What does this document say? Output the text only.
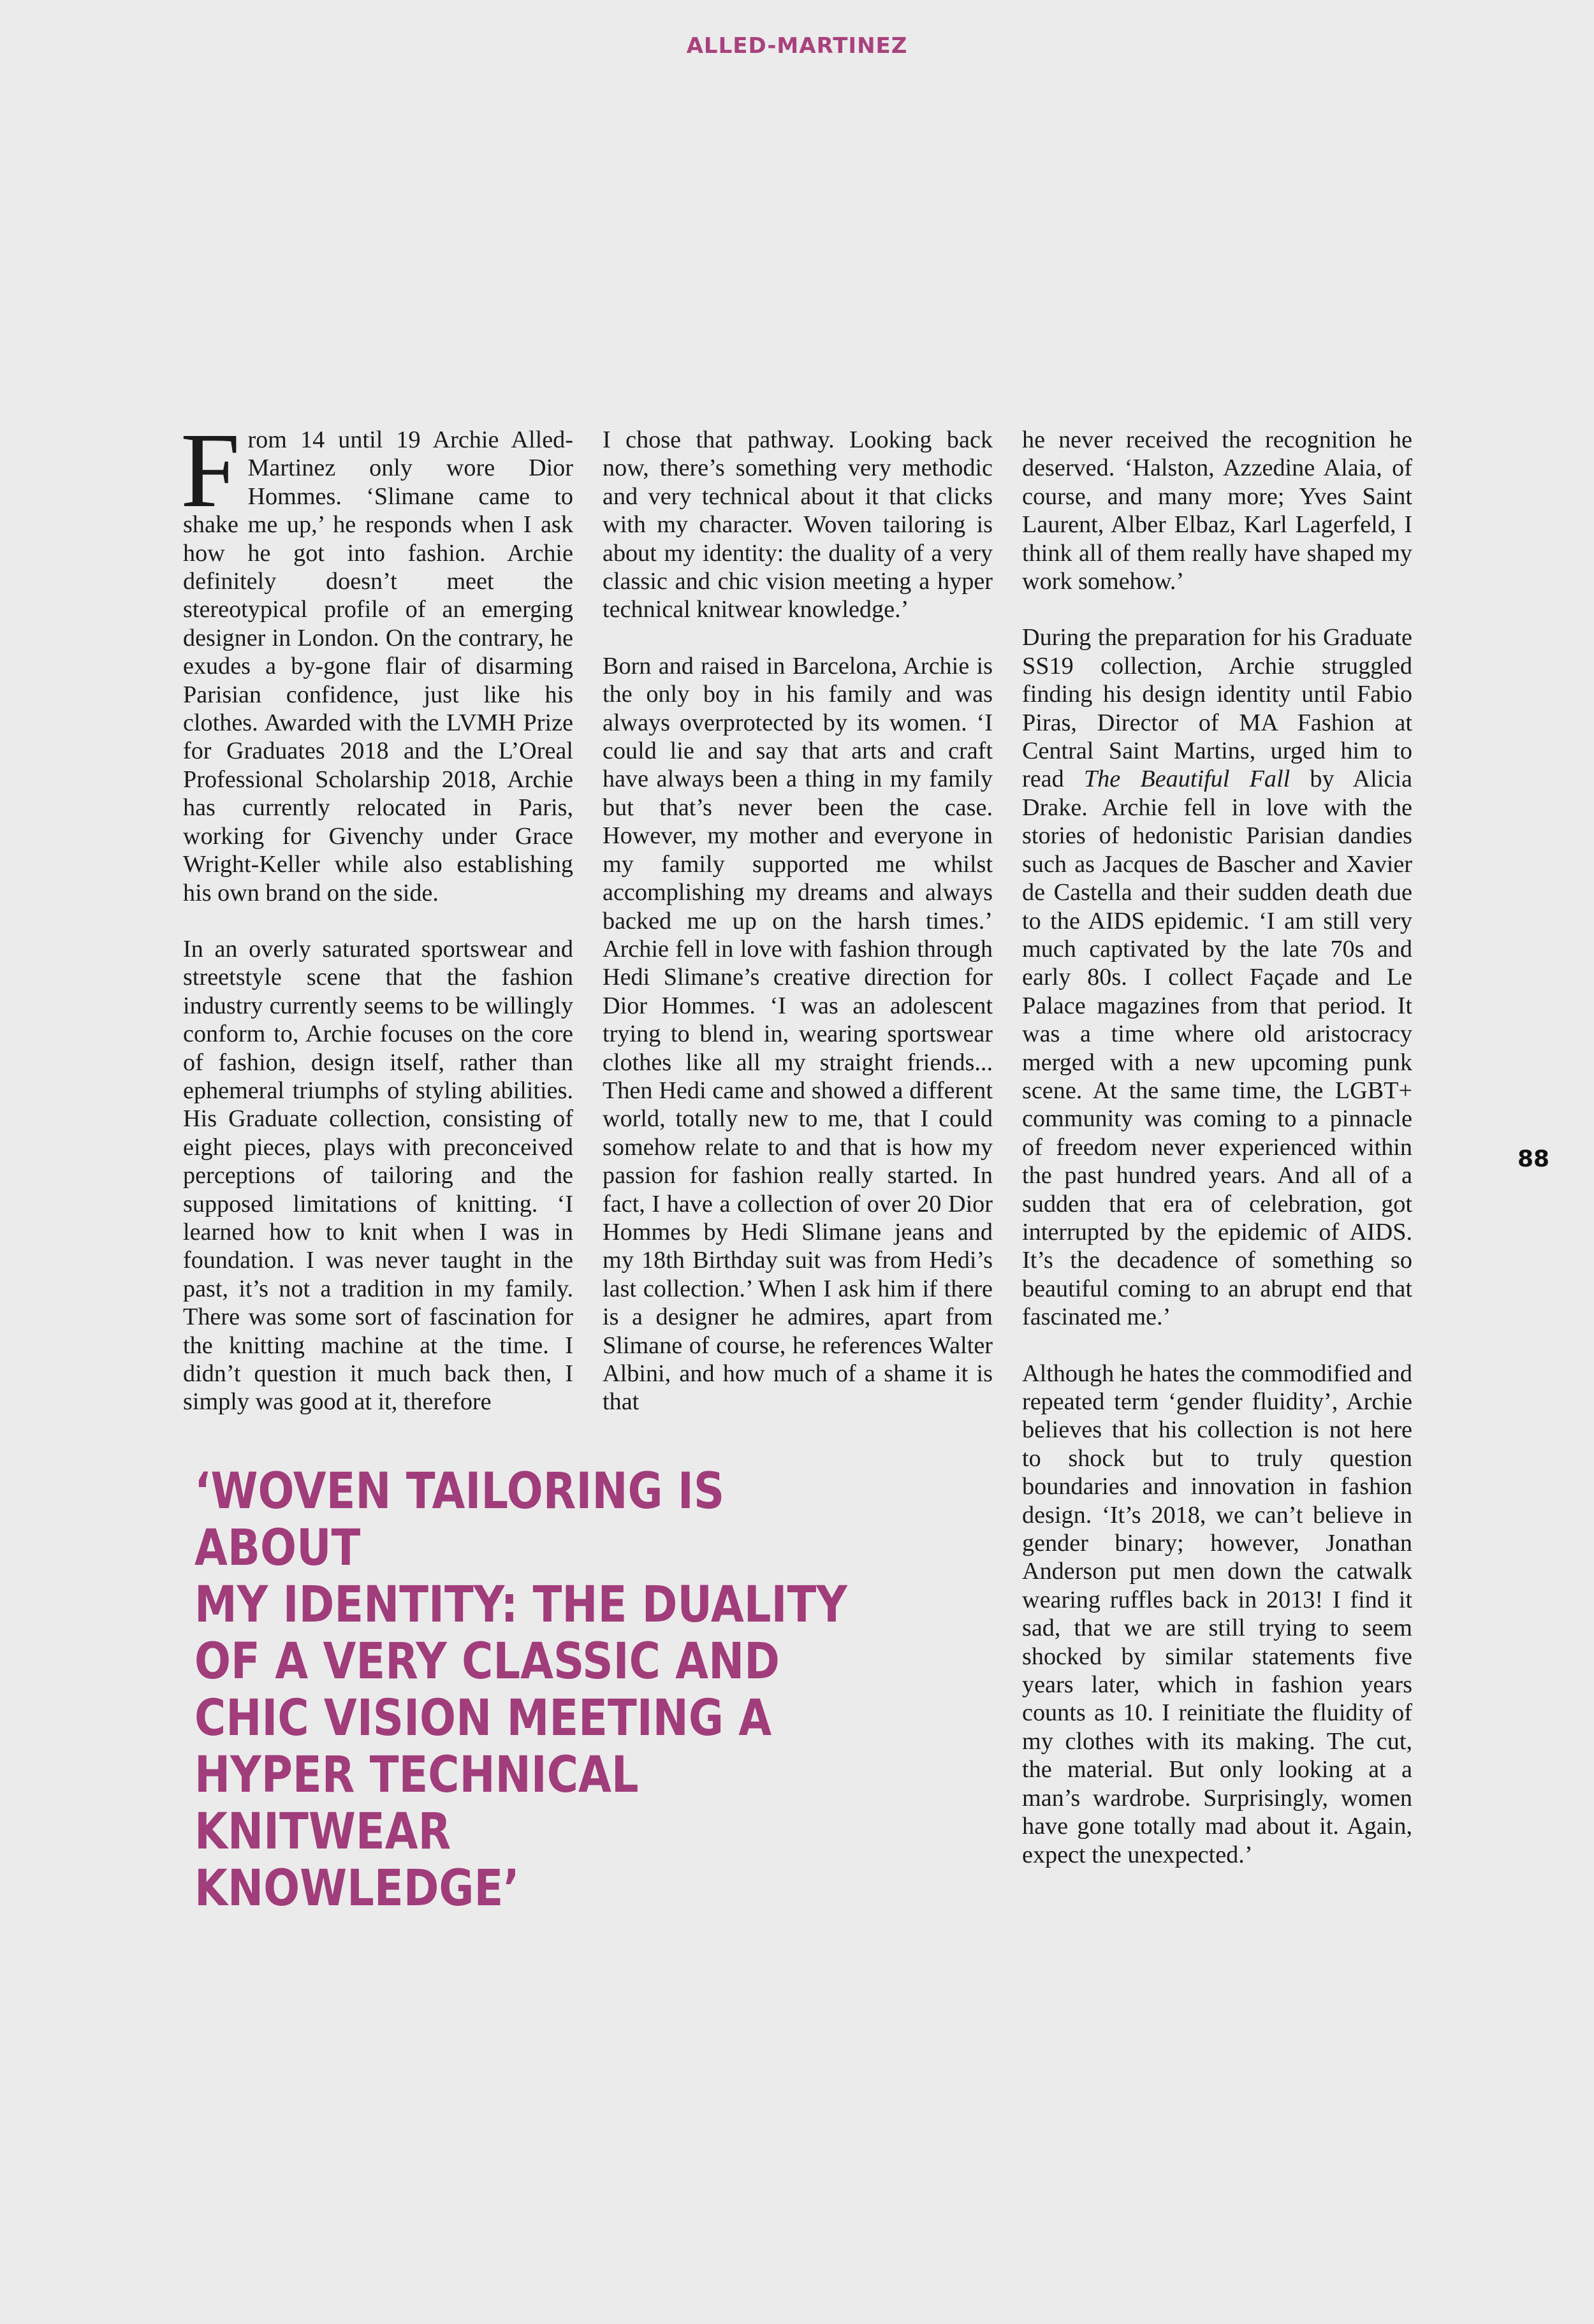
ALLED-MARTINEZ

From 14 until 19 Archie Alled-Martinez only wore Dior Hommes. ‘Slimane came to shake me up,’ he responds when I ask how he got into fashion. Archie definitely doesn’t meet the stereotypical profile of an emerging designer in London. On the contrary, he exudes a by-gone flair of disarming Parisian confidence, just like his clothes. Awarded with the LVMH Prize for Graduates 2018 and the L’Oreal Professional Scholarship 2018, Archie has currently relocated in Paris, working for Givenchy under Grace Wright-Keller while also establishing his own brand on the side.

In an overly saturated sportswear and streetstyle scene that the fashion industry currently seems to be willingly conform to, Archie focuses on the core of fashion, design itself, rather than ephemeral triumphs of styling abilities. His Graduate collection, consisting of eight pieces, plays with preconceived perceptions of tailoring and the supposed limitations of knitting. ‘I learned how to knit when I was in foundation. I was never taught in the past, it’s not a tradition in my family. There was some sort of fascination for the knitting machine at the time. I didn’t question it much back then, I simply was good at it, therefore

I chose that pathway. Looking back now, there’s something very methodic and very technical about it that clicks with my character. Woven tailoring is about my identity: the duality of a very classic and chic vision meeting a hyper technical knitwear knowledge.’

Born and raised in Barcelona, Archie is the only boy in his family and was always overprotected by its women. ‘I could lie and say that arts and craft have always been a thing in my family but that’s never been the case. However, my mother and everyone in my family supported me whilst accomplishing my dreams and always backed me up on the harsh times.’ Archie fell in love with fashion through Hedi Slimane’s creative direction for Dior Hommes. ‘I was an adolescent trying to blend in, wearing sportswear clothes like all my straight friends... Then Hedi came and showed a different world, totally new to me, that I could somehow relate to and that is how my passion for fashion really started. In fact, I have a collection of over 20 Dior Hommes by Hedi Slimane jeans and my 18th Birthday suit was from Hedi’s last collection.’ When I ask him if there is a designer he admires, apart from Slimane of course, he references Walter Albini, and how much of a shame it is that

he never received the recognition he deserved. ‘Halston, Azzedine Alaia, of course, and many more; Yves Saint Laurent, Alber Elbaz, Karl Lagerfeld, I think all of them really have shaped my work somehow.’

During the preparation for his Graduate SS19 collection, Archie struggled finding his design identity until Fabio Piras, Director of MA Fashion at Central Saint Martins, urged him to read The Beautiful Fall by Alicia Drake. Archie fell in love with the stories of hedonistic Parisian dandies such as Jacques de Bascher and Xavier de Castella and their sudden death due to the AIDS epidemic. ‘I am still very much captivated by the late 70s and early 80s. I collect Façade and Le Palace magazines from that period. It was a time where old aristocracy merged with a new upcoming punk scene. At the same time, the LGBT+ community was coming to a pinnacle of freedom never experienced within the past hundred years. And all of a sudden that era of celebration, got interrupted by the epidemic of AIDS. It’s the decadence of something so beautiful coming to an abrupt end that fascinated me.’

Although he hates the commodified and repeated term ‘gender fluidity’, Archie believes that his collection is not here to shock but to truly question boundaries and innovation in fashion design. ‘It’s 2018, we can’t believe in gender binary; however, Jonathan Anderson put men down the catwalk wearing ruffles back in 2013! I find it sad, that we are still trying to seem shocked by similar statements five years later, which in fashion years counts as 10. I reinitiate the fluidity of my clothes with its making. The cut, the material. But only looking at a man’s wardrobe. Surprisingly, women have gone totally mad about it. Again, expect the unexpected.’

‘WOVEN TAILORING IS ABOUT
MY IDENTITY: THE DUALITY
OF A VERY CLASSIC AND
CHIC VISION MEETING A
HYPER TECHNICAL KNITWEAR
KNOWLEDGE’
88
